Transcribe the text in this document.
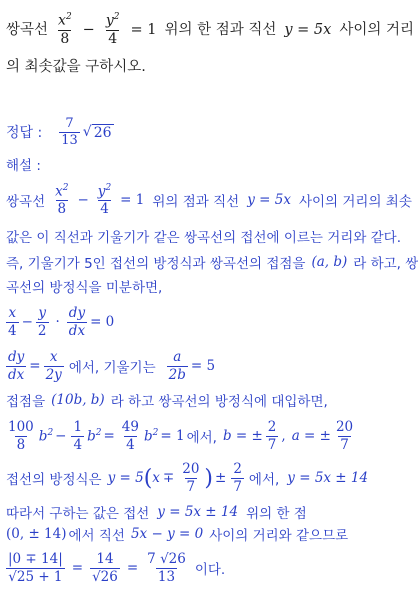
쌍곡선 $\frac{x^2}{8} - \frac{y^2}{4} = 1$ 위의 한 점과 직선 y = 5x 사이의 거리
의 최솟값을 구하시오.
정답 : $\frac{7}{13}$ √ 26
해설 :
쌍곡선 $\frac{x^2}{8} - \frac{y^2}{4} = 1$ 위의 점과 직선 y = 5x 사이의 거리의 최솟
값은 이 직선과 기울기가 같은 쌍곡선의 접선에 이르는 거리와 같다.
즉, 기울기가 5인 접선의 방정식과 쌍곡선의 접점을 (a, b) 라 하고, 쌍
곡선의 방정식을 미분하면,
$\frac{x}{4} - \frac{y}{2} \cdot \frac{dy}{dx} = 0$
$\frac{dy}{dx} = \frac{x}{2y}$ 에서, 기울기는 $\frac{a}{2b} = 5$
접점을 (10b, b) 라 하고 쌍곡선의 방정식에 대입하면,
$\frac{100}{8} b^2 - \frac{1}{4} b^2 = \frac{49}{4} b^2 = 1$ 에서, b = ± $\frac{2}{7}$ , a = ± $\frac{20}{7}$
접선의 방정식은 y = 5 ( $x \mp \frac{20}{7}$ ) ± $\frac{2}{7}$ 에서, y = 5x ± 14
따라서 구하는 값은 접선 y = 5x ± 14 위의 한 점
(0, ± 14) 에서 직선 5x − y = 0 사이의 거리와 같으므로
$\frac{|0 \mp 14|}{√25 + 1} = \frac{14}{√26} = \frac{7 √26}{13}$ 이다.
